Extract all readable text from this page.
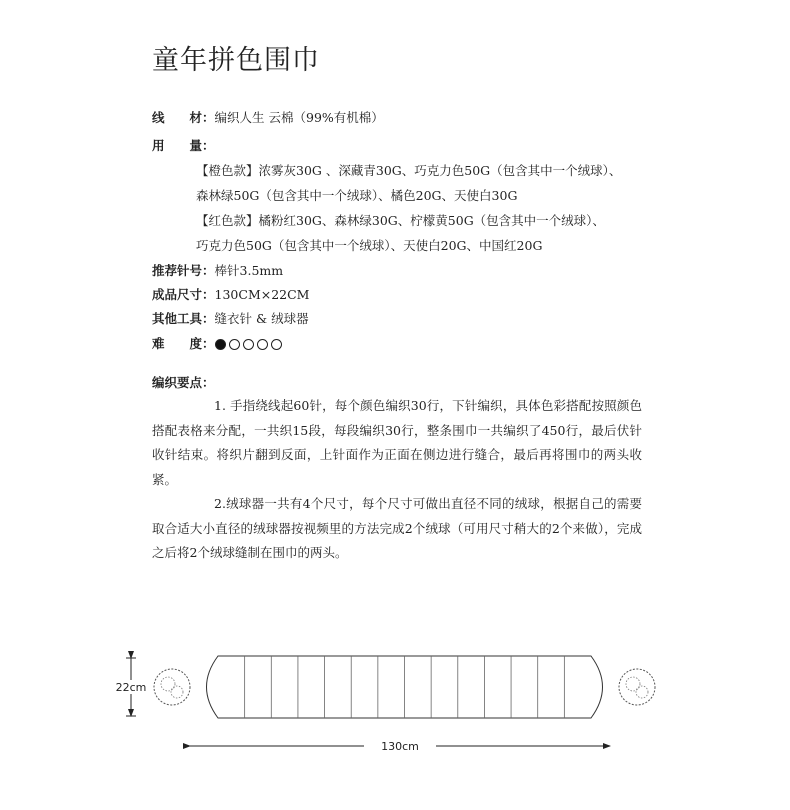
童年拼色围巾
线　　材：编织人生 云棉（99%有机棉）
用　　量：
【橙色款】浓雾灰30G 、深藏青30G、巧克力色50G（包含其中一个绒球）、
森林绿50G（包含其中一个绒球）、橘色20G、天使白30G
【红色款】橘粉红30G、森林绿30G、柠檬黄50G（包含其中一个绒球）、
巧克力色50G（包含其中一个绒球）、天使白20G、中国红20G
推荐针号：棒针3.5mm
成品尺寸：130CM×22CM
其他工具：缝衣针 & 绒球器
难　　度：
编织要点：
1. 手指绕线起60针，每个颜色编织30行，下针编织，具体色彩搭配按照颜色搭配表格来分配，一共织15段，每段编织30行，整条围巾一共编织了450行，最后伏针收针结束。将织片翻到反面，上针面作为正面在侧边进行缝合，最后再将围巾的两头收紧。
2.绒球器一共有4个尺寸，每个尺寸可做出直径不同的绒球，根据自己的需要取合适大小直径的绒球器按视频里的方法完成2个绒球（可用尺寸稍大的2个来做），完成之后将2个绒球缝制在围巾的两头。
22cm
130cm
